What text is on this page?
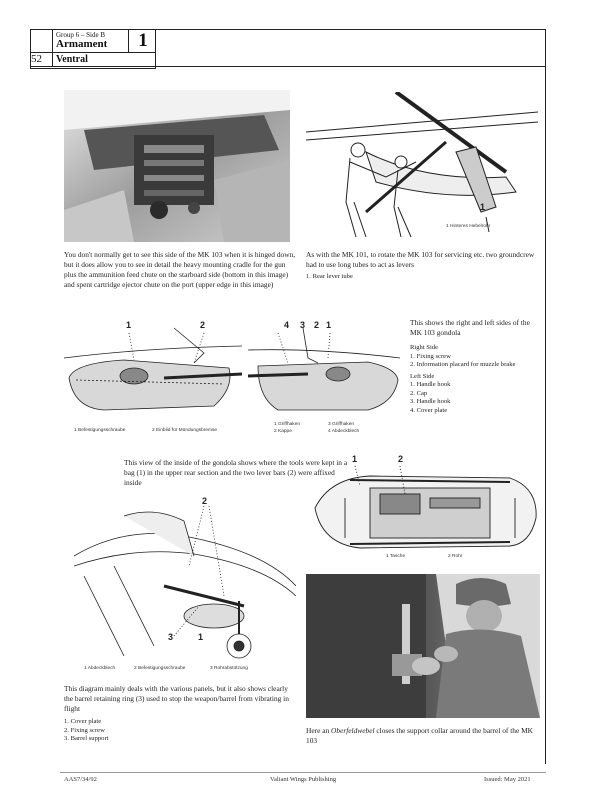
Group 6 – Side B
Armament	1
52	Ventral
You don't normally get to see this side of the MK 103 when it is hinged down, but it does allow you to see in detail the heavy mounting cradle for the gun plus the ammunition feed chute on the starboard side (bottom in this image) and spent cartridge ejector chute on the port (upper edge in this image)
1
1 Hinteres Hebelrohr

As with the MK 101, to rotate the MK 103 for servicing etc. two groundcrew had to use long tubes to act as levers

1. Rear lever tube

1	2
1 Befestigungsschraube	2 Einblid für Mündungsbremse
4 3 2 1
1 Griffhaken
2 Kappe
3 Griffhaken
4 Abdeckblech

This shows the right and left sides of the MK 103 gondola

Right Side

1. Fixing screw

2. Information placard for muzzle brake

Left Side

1. Handle hook

2. Cap

3. Handle hook

4. Cover plate

This view of the inside of the gondola shows where the tools were kept in a bag (1) in the upper rear section and the two lever bars (2) were affixed inside
1	2
1 Tasche	2 Rohr
2
3	1
1 Abdeckblech	2 Befestigungsschraube	3 Rohrabstützung

This diagram mainly deals with the various panels, but it also shows clearly the barrel retaining ring (3) used to stop the weapon/barrel from vibrating in flight

1. Cover plate

2. Fixing screw

3. Barrel support

Here an Oberfeldwebel closes the support collar around the barrel of the MK 103
AAS7/34/92	Valiant Wings Publishing	Issued: May 2021
